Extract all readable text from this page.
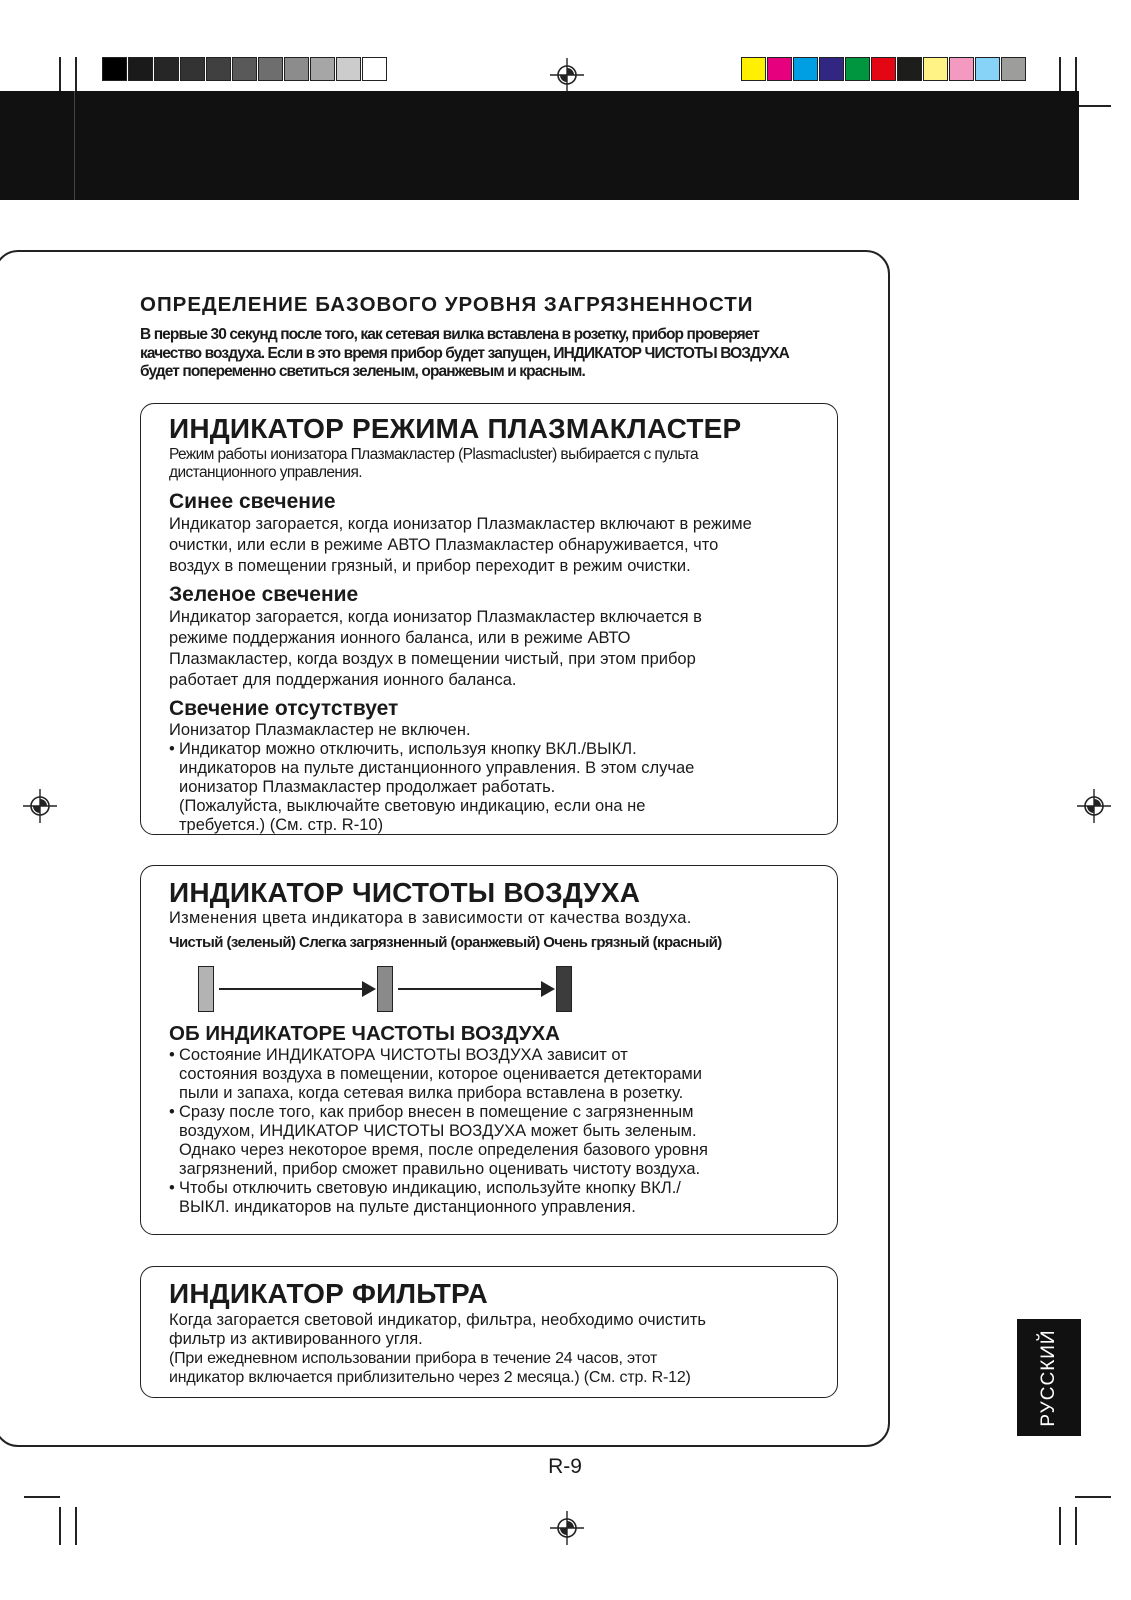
ОПРЕДЕЛЕНИЕ БАЗОВОГО УРОВНЯ ЗАГРЯЗНЕННОСТИ
В первые 30 секунд после того, как сетевая вилка вставлена в розетку, прибор проверяет
качество воздуха. Если в это время прибор будет запущен, ИНДИКАТОР ЧИСТОТЫ ВОЗДУХА
будет попеременно светиться зеленым, оранжевым и красным.
ИНДИКАТОР РЕЖИМА ПЛАЗМАКЛАСТЕР
Режим работы ионизатора Плазмакластер (Plasmacluster) выбирается с пульта
дистанционного управления.
Синее свечение
Индикатор загорается, когда ионизатор Плазмакластер включают в режиме
очистки, или если в режиме АВТО Плазмакластер обнаруживается, что
воздух в помещении грязный, и прибор переходит в режим очистки.
Зеленое свечение
Индикатор загорается, когда ионизатор Плазмакластер включается в
режиме поддержания ионного баланса, или в режиме АВТО
Плазмакластер, когда воздух в помещении чистый, при этом прибор
работает для поддержания ионного баланса.
Свечение отсутствует
Ионизатор Плазмакластер не включен.
• Индикатор можно отключить, используя кнопку ВКЛ./ВЫКЛ.
индикаторов на пульте дистанционного управления. В этом случае
ионизатор Плазмакластер продолжает работать.
(Пожалуйста, выключайте световую индикацию, если она не
требуется.) (См. стр. R-10)
ИНДИКАТОР ЧИСТОТЫ ВОЗДУХА
Изменения цвета индикатора в зависимости от качества воздуха.
Чистый (зеленый) Слегка загрязненный (оранжевый) Очень грязный (красный)
ОБ ИНДИКАТОРЕ ЧАСТОТЫ ВОЗДУХА
• Состояние ИНДИКАТОРА ЧИСТОТЫ ВОЗДУХА зависит от
состояния воздуха в помещении, которое оценивается детекторами
пыли и запаха, когда сетевая вилка прибора вставлена в розетку.
• Сразу после того, как прибор внесен в помещение с загрязненным
воздухом, ИНДИКАТОР ЧИСТОТЫ ВОЗДУХА может быть зеленым.
Однако через некоторое время, после определения базового уровня
загрязнений, прибор сможет правильно оценивать чистоту воздуха.
• Чтобы отключить световую индикацию, используйте кнопку ВКЛ./
ВЫКЛ. индикаторов на пульте дистанционного управления.
ИНДИКАТОР ФИЛЬТРА
Когда загорается световой индикатор, фильтра, необходимо очистить
фильтр из активированного угля.
(При ежедневном использовании прибора в течение 24 часов, этот
индикатор включается приблизительно через 2 месяца.) (См. стр. R-12)	РУССКИЙ
R-9
